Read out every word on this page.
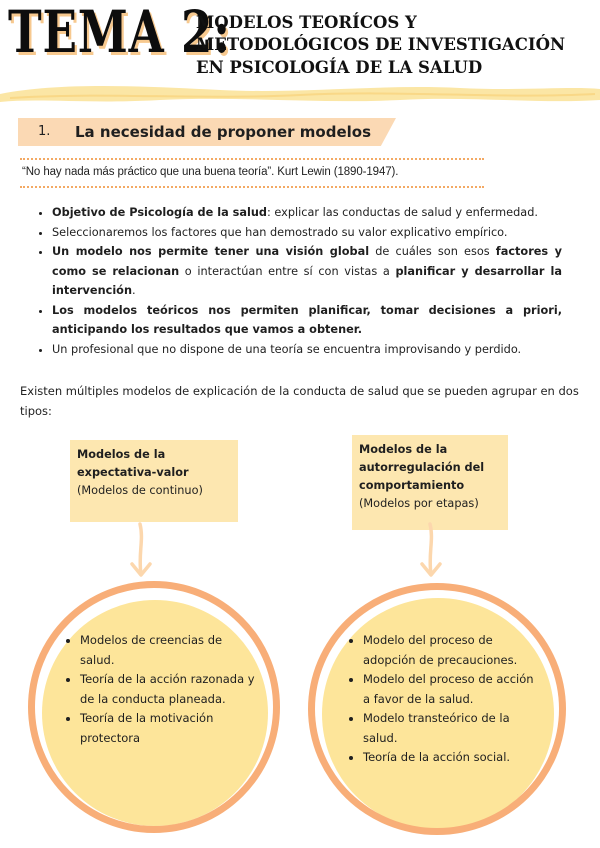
TEMA 2:
MODELOS TEORÍCOS Y
METODOLÓGICOS DE INVESTIGACIÓN
EN PSICOLOGÍA DE LA SALUD
1. La necesidad de proponer modelos
“No hay nada más práctico que una buena teoría”. Kurt Lewin (1890-1947).
• Objetivo de Psicología de la salud: explicar las conductas de salud y enfermedad.
• Seleccionaremos los factores que han demostrado su valor explicativo empírico.
• Un modelo nos permite tener una visión global de cuáles son esos factores y como se relacionan o interactúan entre sí con vistas a planificar y desarrollar la intervención.
• Los modelos teóricos nos permiten planificar, tomar decisiones a priori, anticipando los resultados que vamos a obtener.
• Un profesional que no dispone de una teoría se encuentra improvisando y perdido.
Existen múltiples modelos de explicación de la conducta de salud que se pueden agrupar en dos tipos:
Modelos de la expectativa-valor
(Modelos de continuo)
• Modelos de creencias de salud.
• Teoría de la acción razonada y de la conducta planeada.
• Teoría de la motivación protectora
Modelos de la autorregulación del comportamiento
(Modelos por etapas)
• Modelo del proceso de adopción de precauciones.
• Modelo del proceso de acción a favor de la salud.
• Modelo transteórico de la salud.
• Teoría de la acción social.
